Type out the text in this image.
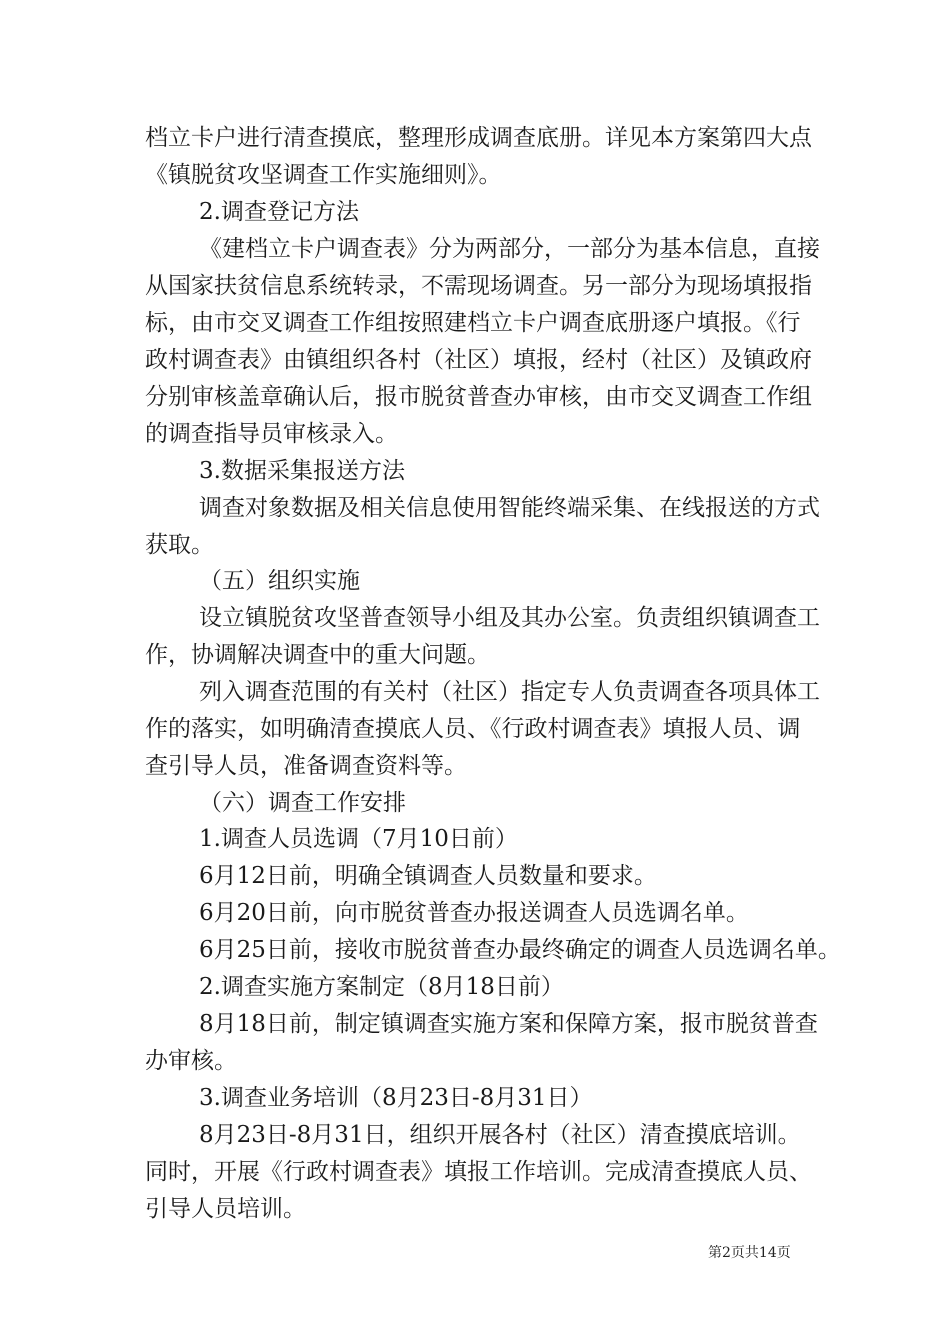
档立卡户进行清查摸底，整理形成调查底册。详见本方案第四大点
《镇脱贫攻坚调查工作实施细则》。
2.调查登记方法
《建档立卡户调查表》分为两部分，一部分为基本信息，直接
从国家扶贫信息系统转录，不需现场调查。另一部分为现场填报指
标，由市交叉调查工作组按照建档立卡户调查底册逐户填报。《行
政村调查表》由镇组织各村（社区）填报，经村（社区）及镇政府
分别审核盖章确认后，报市脱贫普查办审核，由市交叉调查工作组
的调查指导员审核录入。
3.数据采集报送方法
调查对象数据及相关信息使用智能终端采集、在线报送的方式
获取。
（五）组织实施
设立镇脱贫攻坚普查领导小组及其办公室。负责组织镇调查工
作，协调解决调查中的重大问题。
列入调查范围的有关村（社区）指定专人负责调查各项具体工
作的落实，如明确清查摸底人员、《行政村调查表》填报人员、调
查引导人员，准备调查资料等。
（六）调查工作安排
1.调查人员选调（7月10日前）
6月12日前，明确全镇调查人员数量和要求。
6月20日前，向市脱贫普查办报送调查人员选调名单。
6月25日前，接收市脱贫普查办最终确定的调查人员选调名单。
2.调查实施方案制定（8月18日前）
8月18日前，制定镇调查实施方案和保障方案，报市脱贫普查
办审核。
3.调查业务培训（8月23日-8月31日）
8月23日-8月31日，组织开展各村（社区）清查摸底培训。
同时，开展《行政村调查表》填报工作培训。完成清查摸底人员、
引导人员培训。
第2页共14页
